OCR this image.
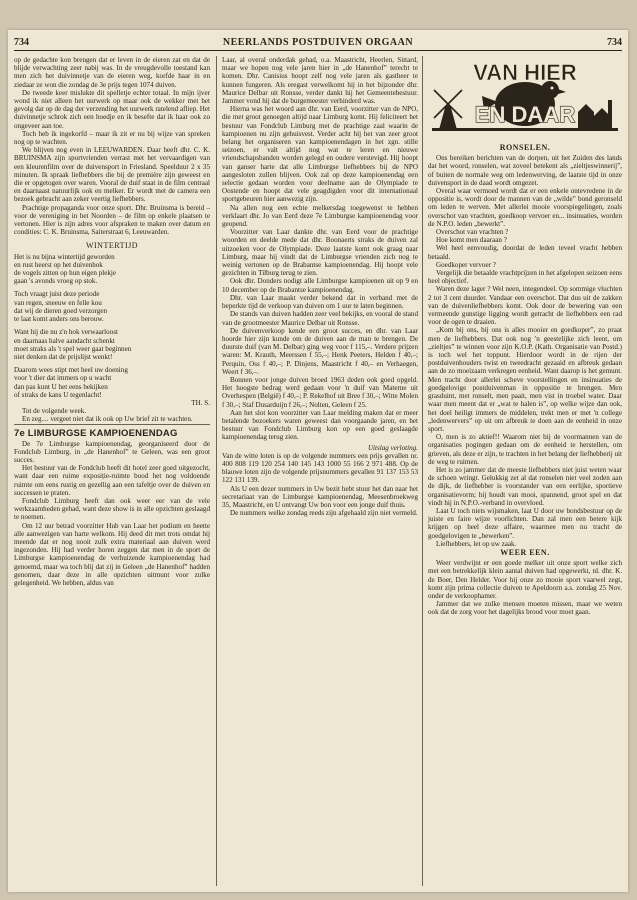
734	NEERLANDS POSTDUIVEN ORGAAN	734

op de gedachte kon brengen dat er leven in de eieren zat en dat de blijde verwachting zeer nabij was. In de vreugdevolle toestand kan men zich het duivinnetje van de eieren weg, korfde haar in en ziedaar ze won die zondag de 3e prijs tegen 1074 duiven.

De tweede keer mislukte dit spelletje echter totaal. In mijn ijver wond ik niet alleen het uurwerk op maar ook de wekker met het gevolg dat op de dag der verzending het uurwerk ratelend afliep. Het duivinnetje schrok zich een hoedje en ik besefte dat ik haar ook zo ongeveer aan toe.

Toch heb ik ingekorfd – maar ik zit er nu bij wijze van spreken nog op te wachten.

We blijven nog even in LEEUWARDEN. Daar heeft dhr. C. K. BRUINSMA zijn sportvrienden verrast met het vervaardigen van een kleurenfilm over de duivensport in Friesland. Speelduur 2 x 35 minuten. Ik spraak liefhebbers die bij de première zijn geweest en die er opgetogen over waren. Vooral de duif staat in de film centraal en daarnaast natuurlijk ook en melker. Er wordt met de camera een bezoek gebracht aan zeker veertig liefhebbers.

Prachtige propaganda voor onze sport. Dhr. Bruinsma is bereid – voor de vereniging in het Noorden – de film op enkele plaatsen te vertonen. Hier is zijn adres voor afspraken te maken over datum en condities: C. K. Bruinsma, Saiterstraat 6, Leeuwarden.

WINTERTIJD

Het is nu bijna wintertijd geworden

en rust heerst op het duivenhok

de vogels zitten op hun eigen plekje

gaan 's avonds vroeg op stok.

Toch vraagt juist deze periode

van regen, sneeuw en felle kou

dat wij de dieren goed verzorgen

te laat komt anders ons berouw.

Want hij die nu z'n hok verwaarloost

en daarnaas halve aandacht schenkt

moet straks als 't spel weer gaat beginnen

niet denken dat de prijslijst wenkt!

Daarom wees stipt met heel uw doening

voor 't dier dat immers op u wacht

dan pas kunt U het eens bekijken

of straks de kans U tegenlacht!

TH. S.

Tot de volgende week.

En zeg.... vergeet niet dat ik ook op Uw brief zit te wachten.

7e LIMBURGSE KAMPIOENENDAG

De 7e Limburgse kampioenendag, georganiseerd door de Fondclub Limburg, in „de Hanenhof” te Geleen, was een groot succes.

Het bestuur van de Fondclub heeft dit hotel zeer goed uitgezocht, want daar een ruime exposiție-ruimte bood het nog voldoende ruimte om eens rustig en gezellig aan een tafeltje over de duiven en successen te praten.

Fondclub Limburg heeft dan ook weer eer van de vele werkzaamheden gehad, want deze show is in alle opzichten geslaagd te noemen.

Om 12 uur betrad voorzitter Hub van Laar het podium en heette alle aanwezigen van harte welkom. Hij deed dit met trots omdat hij meende dat er nog nooit zulk extra materiaal aan duiven werd ingezonden. Hij had verder horen zeggen dat men in de sport de Limburgse kampioenendag de verhuizende kampioenendag had genoemd, maar wa toch blij dat zij in Geleen „de Hanenhof” hadden genomen, daar deze in alle opzichten uitmunt voor zulke gelegenheid. We hebben, aldus van

Laar, al overal onderdak gehad, o.a. Maastricht, Heerlen, Sittard, maar we hopen nog vele jaren hier in „de Hanenhof” terecht te komen. Dhr. Canisius hoopt zelf nog vele jaren als gastheer te kunnen fungeren. Als eregast verwelkomt hij in het bijzonder dhr. Maurice Delbar uit Ronsse, verder dankt hij het Gemeentebestuur. Jammer vond hij dat de burgemeester verhinderd was.

Hierna was het woord aan dhr. van Eerd, voorzitter van de NPO, die met groot genoegen altijd naar Limburg komt. Hij feliciteert het bestuur van Fondclub Limburg met de prachtige zaal waarin de kampioenen nu zijn gehuisvest. Verder acht hij het van zeer groot belang het organiseren van kampioenendagen in het zgn. stille seizoen, er valt altijd nog wat te leren en nieuwe vriendschapsbanden worden gelegd en oudere verstevigd. Hij hoopt van ganser harte dat alle Limburgse liefhebbers bij de NPO aangesloten zullen blijven. Ook zal op deze kampioenendag een selectie gedaan worden voor deelname aan de Olympiade te Oostende en hoopt dat vele geagdigden voor dit internationaal sportgebeuren hier aanwezig zijn.

Na allen nog een echte melkersdag toegewenst te hebben verklaart dhr. Jo van Eerd deze 7e Limburgse kampioenendag voor geopend.

Voorzitter van Laar dankte dhr. van Eerd voor de prachtige woorden en deelde mede dat dhr. Boonaerts straks de duiven zal uitzoeken voor de Olympiade. Deze laatste komt ook graag naar Limburg, maar hij vindt dat de Limburgse vrienden zich nog te weinig vertonen op de Brabantse kampioenendag. Hij hoopt vele gezichten in Tilburg terug te zien.

Ook dhr. Donders nodigt alle Limburgse kampioenen uit op 9 en 10 december op de Brabantse kampioenendag.

Dhr. van Laar maakt verder bekend dat in verband met de beperkte tijd de verkoop van duiven om 1 uur te laten beginnen.

De stands van duiven hadden zeer veel bekijks, en vooral de stand van de grootmeester Maurice Delbar uit Ronsse.

De duivenverkoop kende een groot succes, en dhr. van Laar hoorde hier zijn kunde om de duiven aan de man te brengen. De duurste duif (van M. Delbar) ging weg voor f 115,–. Verdere prijzen waren: M. Krauth, Meerssen f 55,–; Henk Peeters, Helden f 40,–; Perquin, Oss f 40,–; P. Dinjens, Maastricht f 40,– en Verhaegen, Weert f 36,–.

Bonnen voor jonge duiven broed 1963 deden ook goed opgeld. Het hoogste bedrag werd gedaan voor 'n duif van Materne uit Overhespen (België) f 40,–; P. Rekelhof uit Bree f 30,–; Witte Molen f 30,–; Staf Dusarduijn f 26,–; Nolten, Geleen f 25.

Aan het slot kon voorzitter van Laar melding maken dat er meer betalende bezoekers waren geweest dan voorgaande jaren, en het bestuur van Fondclub Limburg kon op een goed geslaagde kampioenendag terug zien.

Uitslag verloting.

Van de witte loten is op de volgende nummers een prijs gevallen nr. 400 808 119 120 254 140 145 143 1000 55 166 2 971 488. Op de blauwe loten zijn de volgende prijsnummers gevallen 91 137 153 53 122 131 139.

Als U een dezer nummers in Uw bezit hebt stuur het dan naar het secretariaat van de Limburgse kampioenendag, Meesenbroekweg 35, Maastricht, en U ontvangt Uw bon voor een jonge duif thuis.

De nummers welke zondag reeds zijn afgehaald zijn niet vermeld.

VAN HIER
EN DAAR

RONSELEN.

Ons bereiken berichten van de dorpen, uit het Zuiden des lands dat het woord, ronselen, wat zoveel betekent als „zieltjeswinnerij”, of buiten de normale weg om ledenwerving, de laatste tijd in onze duivensport in de daad wordt omgezet.

Overal waar vermoed wordt dat er een enkele ontevredene in de oppositie is, wordt door de mannen van de „wilde” bond geronseld om leden te werven. Met allerlei mooie voorspiegelingen, zoals overschot van vrachten, goedkoop vervoer en... insinuaties, worden de N.P.O. leden „bewerkt”.

Overschot van vrachten ?

Hoe komt men daaraan ?

Wel heel eenvoudig, doordat de leden teveel vracht hebben betaald.

Goedkoper vervoer ?

Vergelijk die betaalde vrachtprijzen in het afgelopen seizoen eens heel objectief.

Waren deze lager ? Wel neen, integendeel. Op sommige vluchten 2 tot 3 cent duurder. Vandaar een overschot. Dat dus uit de zakken van de duivenliefhebbers komt. Ook door de bewering van een vermeende gunstige ligging wordt getracht de liefhebbers een rad voor de ogen te draaien.

„Kom bij ons, bij ons is alles mooier en goedkoper”, zo praat men de liefhebbers. Dat ook nog 'n geestelijke zich leent, om „zieltjes” te winnen voor zijn K.O.P. (Kath. Organisatie van Postd.) is toch wel het toppunt. Hierdoor wordt in de rijen der postduivenhouders twist en tweedracht gezaaid en afbreuk gedaan aan de zo moeizaam verkregen eenheid. Want daarop is het gemunt. Men tracht door allerlei scheve voorstellingen en insinuaties de goedgelovige postduivenman in oppositie te brengen. Men grasduint, met ronselt, men paait, men vist in troebel water. Daar waar men meent dat er „wat te halen is”, op welke wijze dan ook, het doel heiligt immers de middelen, trekt men er met 'n college „ledenwervers” op uit om afbreuk te doen aan de eenheid in onze sport.

O, men is zo aktief!! Waarom niet bij de voormannen van de organisaties pogingen gedaan om de eenheid te herstellen, om grieven, als deze er zijn, te trachten in het belang der liefhebberij uit de weg te ruimen.

Het is zo jammer dat de meeste liefhebbers niet juist weten waar de schoen wringt. Gelukkig zet al dat ronselen niet veel zoden aan de dijk, de liefhebber is voorstander van een eerlijke, sportieve organisatievorm; hij houdt van mooi, spannend, groot spel en dat vindt hij in N.P.O.-verband in overvloed.

Laat U toch niets wijsmaken, laat U door uw bondsbestuur op de juiste en faire wijze voorlichten. Dan zal men een betere kijk krijgen op heel deze affaire, waarmee men nu tracht de goedgelovigen te „bewerken”.

Liefhebbers, let op uw zaak.

WEER EEN.

Weer verdwijnt er een goede melker uit onze sport welke zich met een betrekkelijk klein aantal duiven had opgewerkt, nl. dhr. K. de Boer, Den Helder. Voor hij onze zo mooie sport vaarwel zegt, komt zijn prima collectie duiven te Apeldoorn a.s. zondag 25 Nov. onder de verkoophamer.

Jammer dat we zulke mensen moeten missen, maar we weten ook dat de zorg voor het dagelijks brood voor moet gaan.
